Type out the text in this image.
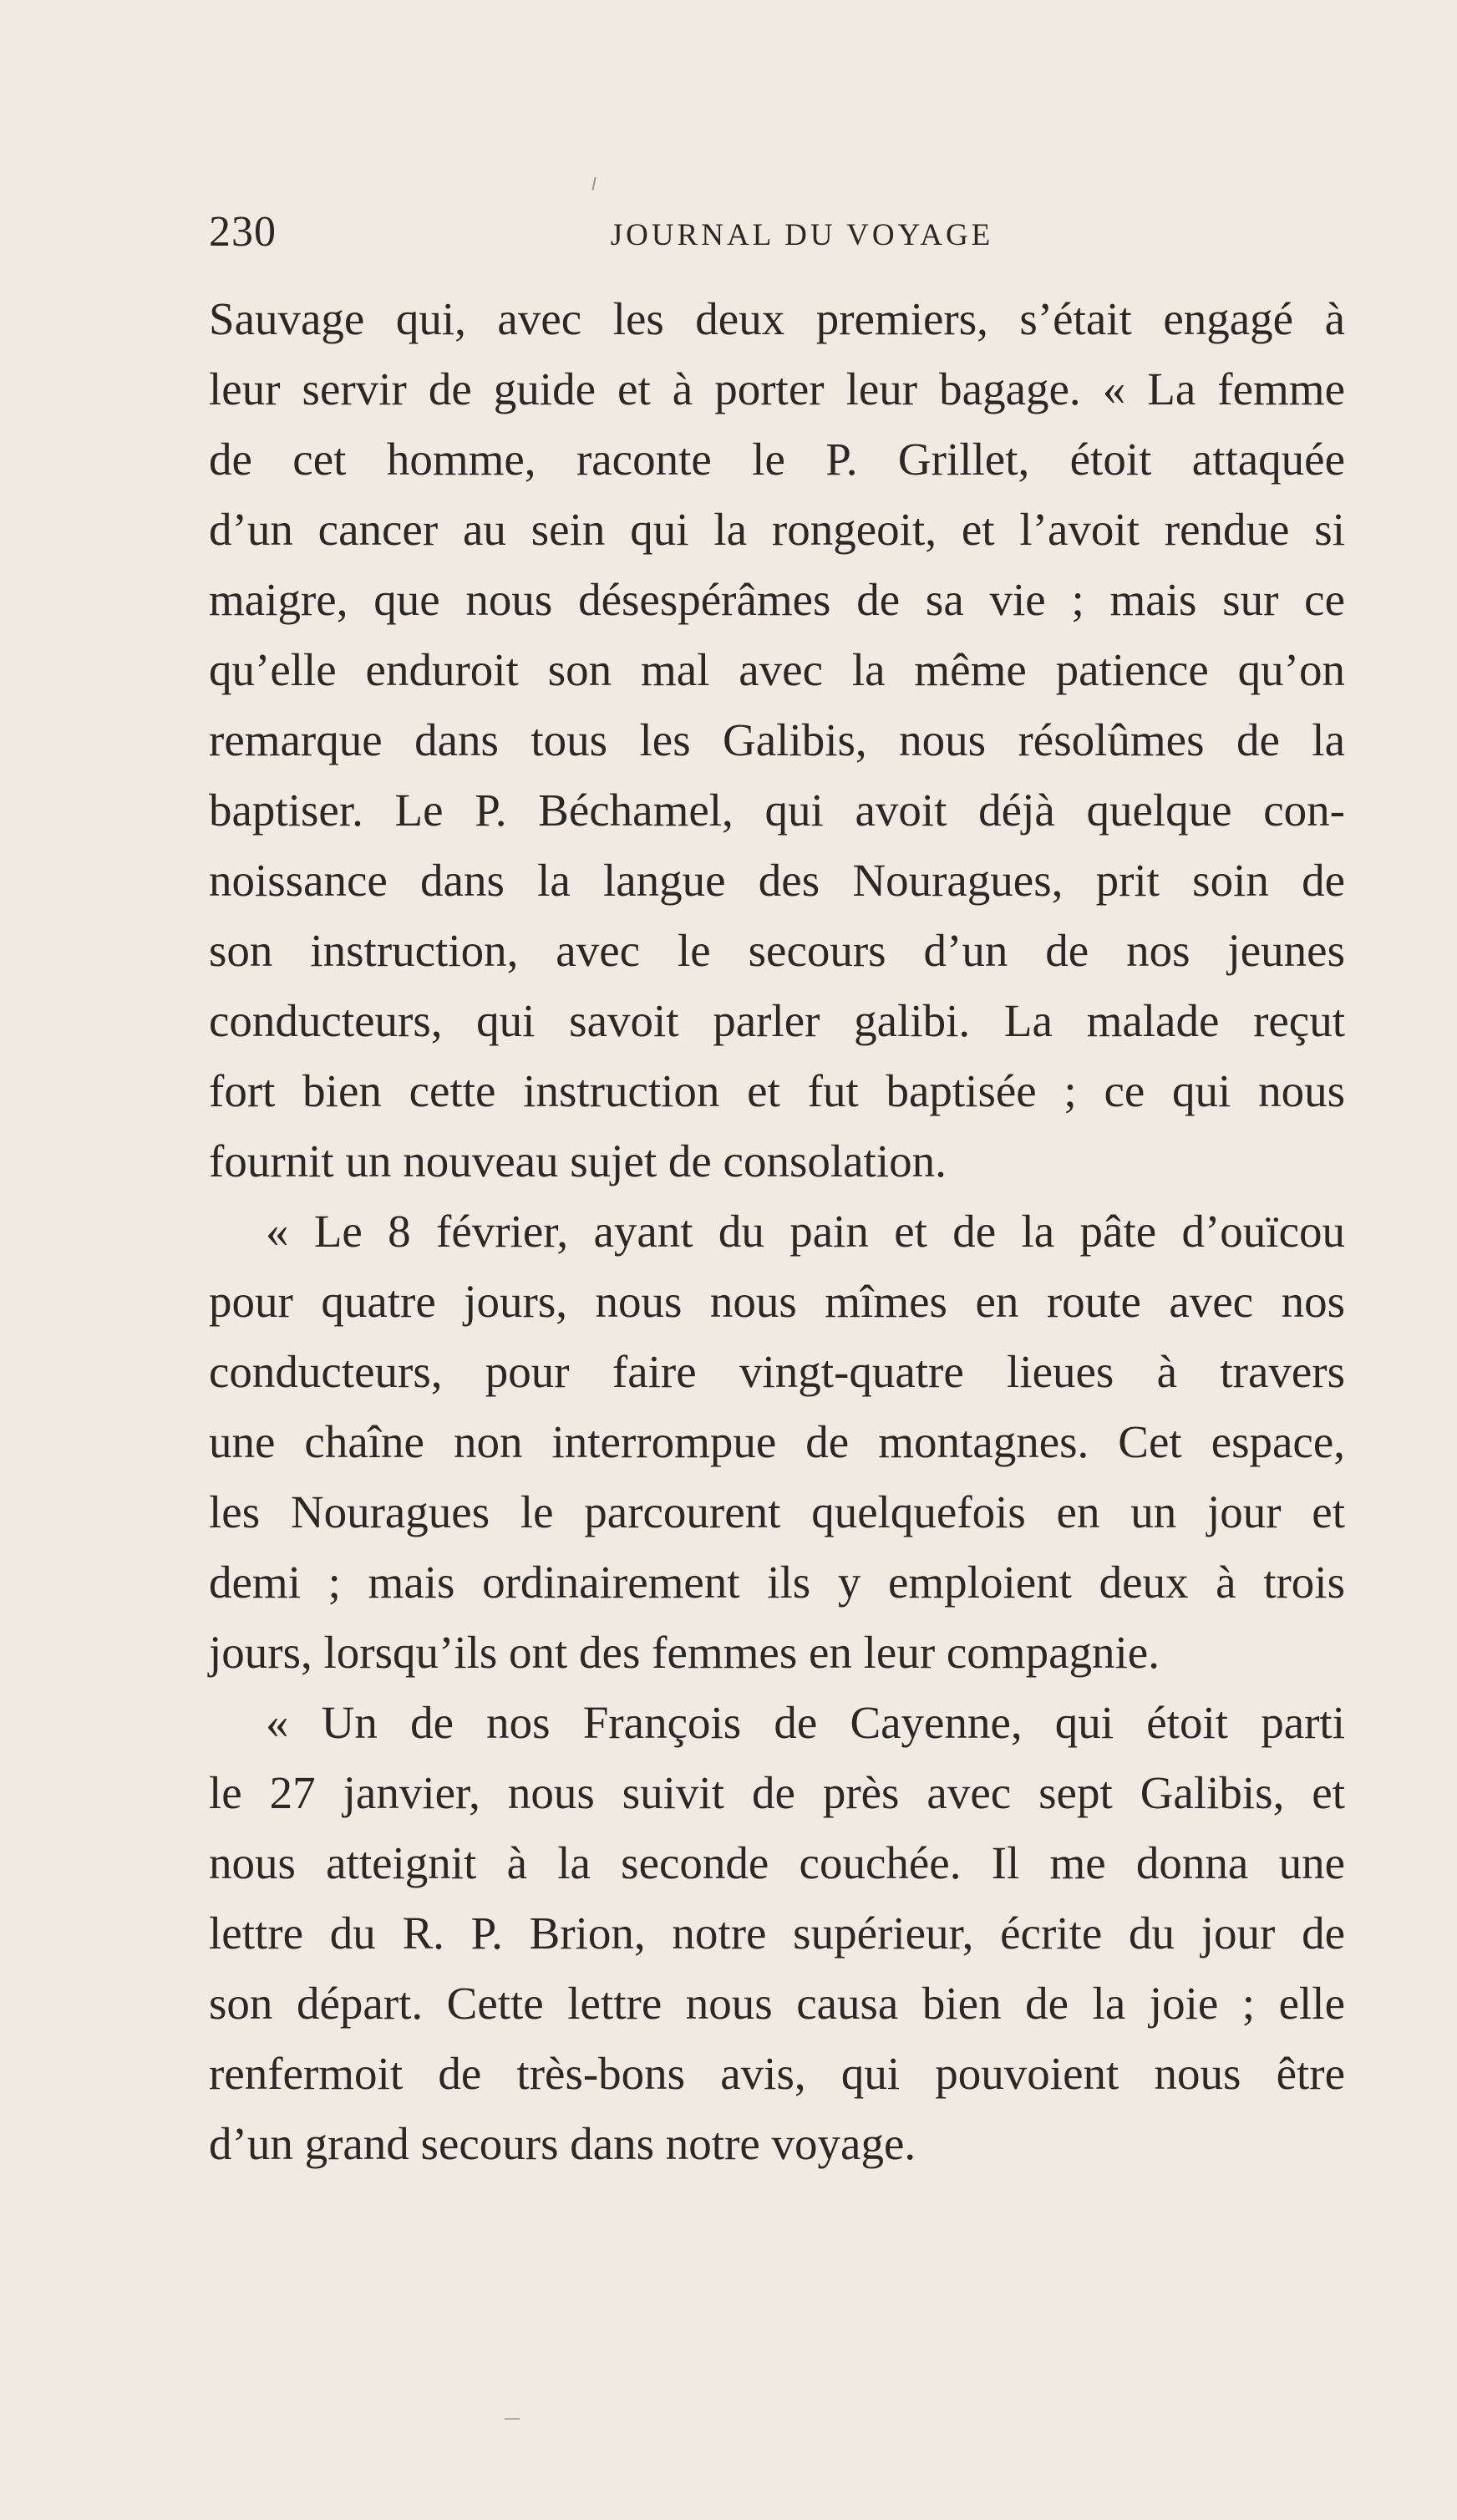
230	JOURNAL DU VOYAGE
Sauvage qui, avec les deux premiers, s’était engagé à
leur servir de guide et à porter leur bagage. « La femme
de cet homme, raconte le P. Grillet, étoit attaquée
d’un cancer au sein qui la rongeoit, et l’avoit rendue si
maigre, que nous désespérâmes de sa vie ; mais sur ce
qu’elle enduroit son mal avec la même patience qu’on
remarque dans tous les Galibis, nous résolûmes de la
baptiser. Le P. Béchamel, qui avoit déjà quelque con-
noissance dans la langue des Nouragues, prit soin de
son instruction, avec le secours d’un de nos jeunes
conducteurs, qui savoit parler galibi. La malade reçut
fort bien cette instruction et fut baptisée ; ce qui nous
fournit un nouveau sujet de consolation.
« Le 8 février, ayant du pain et de la pâte d’ouïcou
pour quatre jours, nous nous mîmes en route avec nos
conducteurs, pour faire vingt-quatre lieues à travers
une chaîne non interrompue de montagnes. Cet espace,
les Nouragues le parcourent quelquefois en un jour et
demi ; mais ordinairement ils y emploient deux à trois
jours, lorsqu’ils ont des femmes en leur compagnie.
« Un de nos François de Cayenne, qui étoit parti
le 27 janvier, nous suivit de près avec sept Galibis, et
nous atteignit à la seconde couchée. Il me donna une
lettre du R. P. Brion, notre supérieur, écrite du jour de
son départ. Cette lettre nous causa bien de la joie ; elle
renfermoit de très-bons avis, qui pouvoient nous être
d’un grand secours dans notre voyage.
